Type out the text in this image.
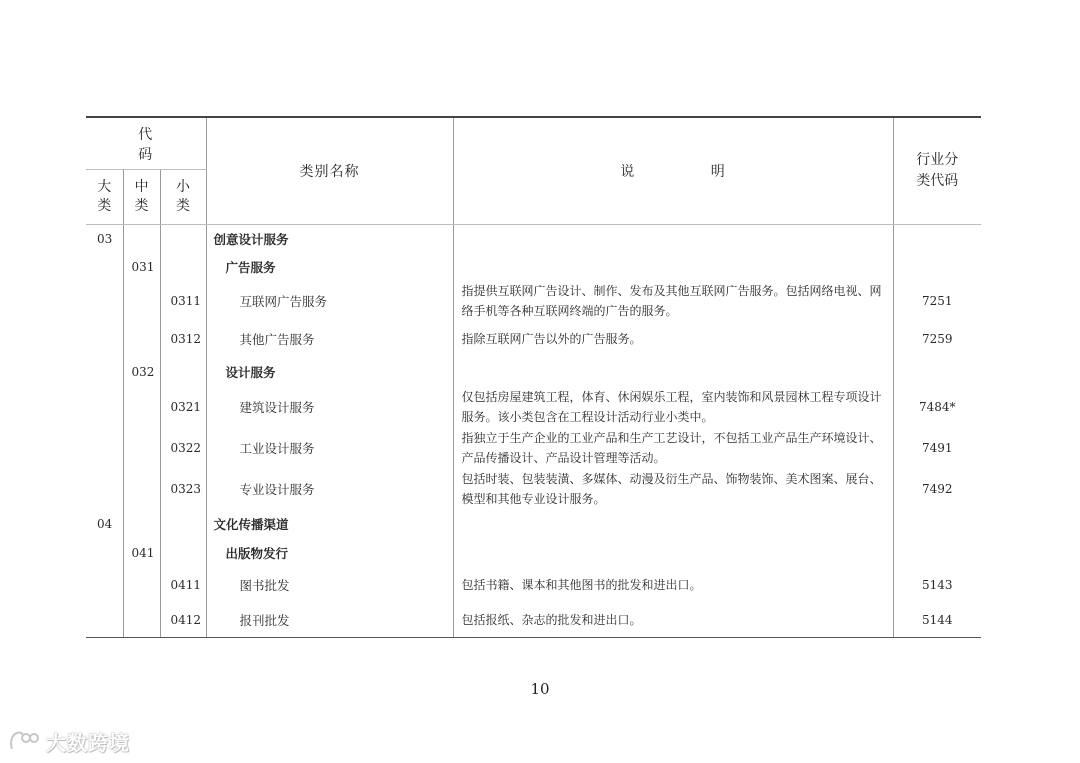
代 码			类别名称	说 明	行业分类代码

大类	中类	小类			

03			创意设计服务		
	031		广告服务		
		0311	互联网广告服务	指提供互联网广告设计、制作、发布及其他互联网广告服务。包括网络电视、网络手机等各种互联网终端的广告的服务。	7251
		0312	其他广告服务	指除互联网广告以外的广告服务。	7259
	032		设计服务		
		0321	建筑设计服务	仅包括房屋建筑工程，体育、休闲娱乐工程，室内装饰和风景园林工程专项设计服务。该小类包含在工程设计活动行业小类中。	7484*
		0322	工业设计服务	指独立于生产企业的工业产品和生产工艺设计，不包括工业产品生产环境设计、产品传播设计、产品设计管理等活动。	7491
		0323	专业设计服务	包括时装、包装装潢、多媒体、动漫及衍生产品、饰物装饰、美术图案、展台、模型和其他专业设计服务。	7492
04			文化传播渠道		
	041		出版物发行		
		0411	图书批发	包括书籍、课本和其他图书的批发和进出口。	5143
		0412	报刊批发	包括报纸、杂志的批发和进出口。	5144
10
大数跨境
